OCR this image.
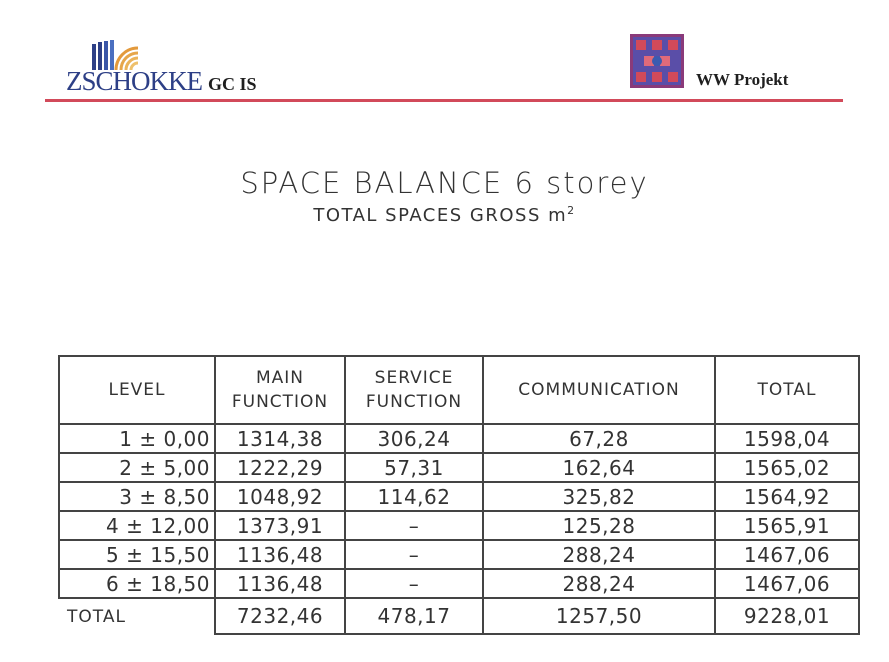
ZSCHOKKE GC IS	WW Projekt
SPACE BALANCE 6 storey
TOTAL SPACES GROSS $m^2$
LEVEL	MAIN FUNCTION	SERVICE FUNCTION	COMMUNICATION	TOTAL
1 ± 0,00	1314,38	306,24	67,28	1598,04
2 ± 5,00	1222,29	57,31	162,64	1565,02
3 ± 8,50	1048,92	114,62	325,82	1564,92
4 ± 12,00	1373,91	–	125,28	1565,91
5 ± 15,50	1136,48	–	288,24	1467,06
6 ± 18,50	1136,48	–	288,24	1467,06
TOTAL	7232,46	478,17	1257,50	9228,01
